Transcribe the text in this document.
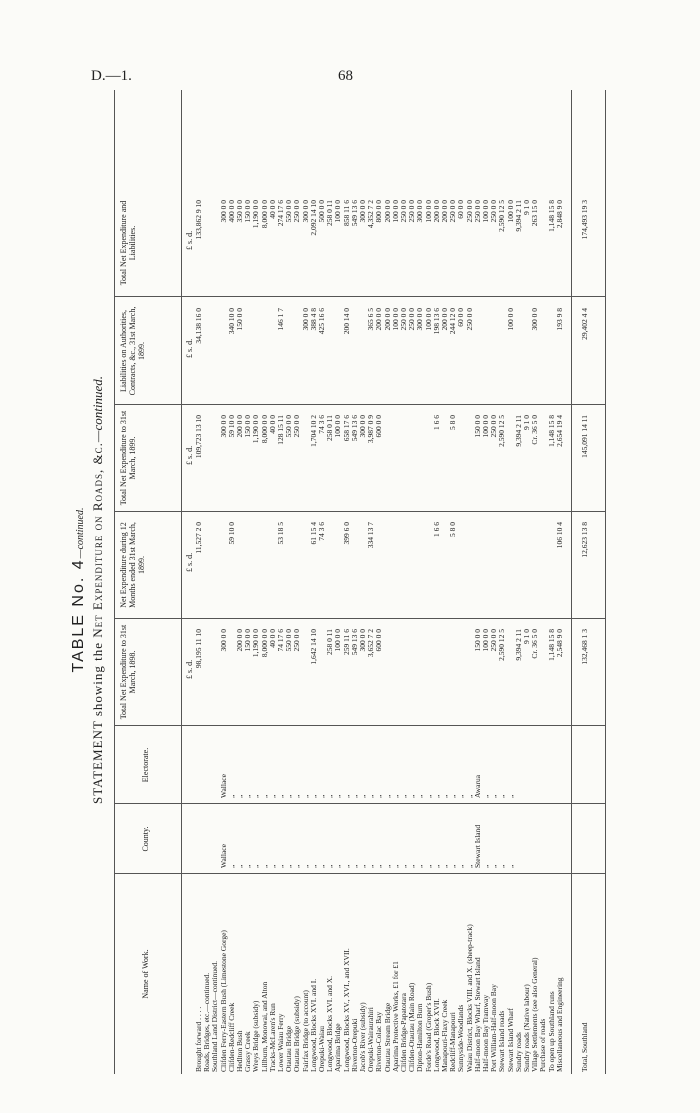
D.—1.	68
TABLE No. 4—continued.
STATEMENT showing the Net Expenditure on Roads, &c.—continued.
Name of Work.
County.
Electorate.
Total Net Expenditure to 31st March, 1898.
Net Expenditure during 12 Months ended 31st March, 1899.
Total Net Expenditure to 31st March, 1899.
Liabilities on Authorities, Contracts, &c., 31st March, 1899.
Total Net Expenditure and Liabilities.
£ s. d.
£ s. d.
£ s. d.
£ s. d.
£ s. d.
Brought forward . . . .
98,195 11 10
11,527 2 0
109,723 13 10
34,138 16 0
133,862 9 10
Roads, Bridges, etc.—continued. Southland Land District—continued. Clifden Ferry-Eastern Bush (Limestone Gorge)
Wallace
Wallace
300 0 0
300 0 0
300 0 0
Clifden-Redcliff Creek
„
„
59 10 0
59 10 0
340 10 0
400 0 0
Hedlton Bush
„
„
200 0 0
200 0 0
150 0 0
350 0 0
Grassy Creek
„
„
150 0 0
150 0 0
150 0 0
Wreys Bridge (subsidy)
„
„
1,190 0 0
1,190 0 0
1,190 0 0
Lillburn, Monowai, and Alton
„
„
8,000 0 0
8,000 0 0
8,000 0 0
Tracks-McLaren's Run
„
„
40 0 0
40 0 0
40 0 0
Lower Waiau Ferry
„
„
74 17 6
53 18 5
128 15 11
146 1 7
274 17 6
Otautau Bridge
„
„
550 0 0
550 0 0
550 0 0
Otautau Bridge (subsidy)
„
„
250 0 0
250 0 0
250 0 0
Fairfax Bridge (to account)
„
„
300 0 0
300 0 0
Longwood, Blocks XVI. and I.
„
„
1,642 14 10
61 15 4
1,704 10 2
388 4 8
2,092 14 10
Orepuki-Waiau
„
„
74 3 6
74 3 6
425 16 6
500 0 0
Longwood, Blocks XVI. and X.
„
„
258 0 11
258 0 11
258 0 11
Aparima Bridge
„
„
100 0 0
100 0 0
100 0 0
Longwood, Blocks XV., XVI., and XVII.
„
„
259 11 6
399 6 0
658 17 6
200 14 0
858 11 6
Riverton-Orepuki
„
„
549 13 6
549 13 6
549 13 6
Jacob's River (subsidy)
„
„
300 0 0
300 0 0
300 0 0
Orepuki-Wairaurahiri
„
„
3,652 7 2
334 13 7
3,987 0 9
365 6 5
4,352 7 2
Riverton-Colac Bay
„
„
600 0 0
600 0 0
200 0 0
800 0 0
Otautau Stream Bridge
„
„
200 0 0
200 0 0
Aparima Protective Works, £1 for £1
„
„
100 0 0
100 0 0
Clifden Bridge-Papatotara
„
„
250 0 0
250 0 0
Clifden-Otautau (Main Road)
„
„
250 0 0
250 0 0
Dipton-Hamilton Burn
„
„
300 0 0
300 0 0
Forde's Road (Groper's Bush)
„
„
100 0 0
100 0 0
Longwood, Block XVII.
„
„
1 6 6
1 6 6
198 13 6
200 0 0
Manapouri-Flaxy Creek
„
„
200 0 0
200 0 0
Redcliff-Manapouri
„
„
5 8 0
5 8 0
244 12 0
250 0 0
Sunnyside-Woodlands
„
„
60 0 0
60 0 0
Waiau District, Blocks VIII. and X. (sheep-track)
„
„
250 0 0
250 0 0
Half-moon Bay Wharf, Stewart Island
Stewart Island
Awarua
150 0 0
150 0 0
250 0 0
Half-moon Bay Tramway
„
„
100 0 0
100 0 0
100 0 0
Port William-Half-moon Bay
„
„
250 0 0
250 0 0
250 0 0
Stewart Island roads
„
„
2,590 12 5
2,590 12 5
2,590 12 5
Stewart Island Wharf
„
„
100 0 0
100 0 0
Sundry roads
9,394 2 11
9,394 2 11
9,394 2 11
Sundry roads (Native labour)
9 1 0
9 1 0
9 1 0
Village Settlements (see also General)
Cr. 36 5 0
Cr. 36 5 0
300 0 0
263 15 0
Purchase of roads To open up Southland runs
1,148 15 8
1,148 15 8
1,148 15 8
Miscellaneous and Engineering
2,548 9 0
106 10 4
2,654 19 4
193 9 8
2,848 9 0
Total, Southland
132,468 1 3
12,623 13 8
145,091 14 11
29,402 4 4
174,493 19 3
